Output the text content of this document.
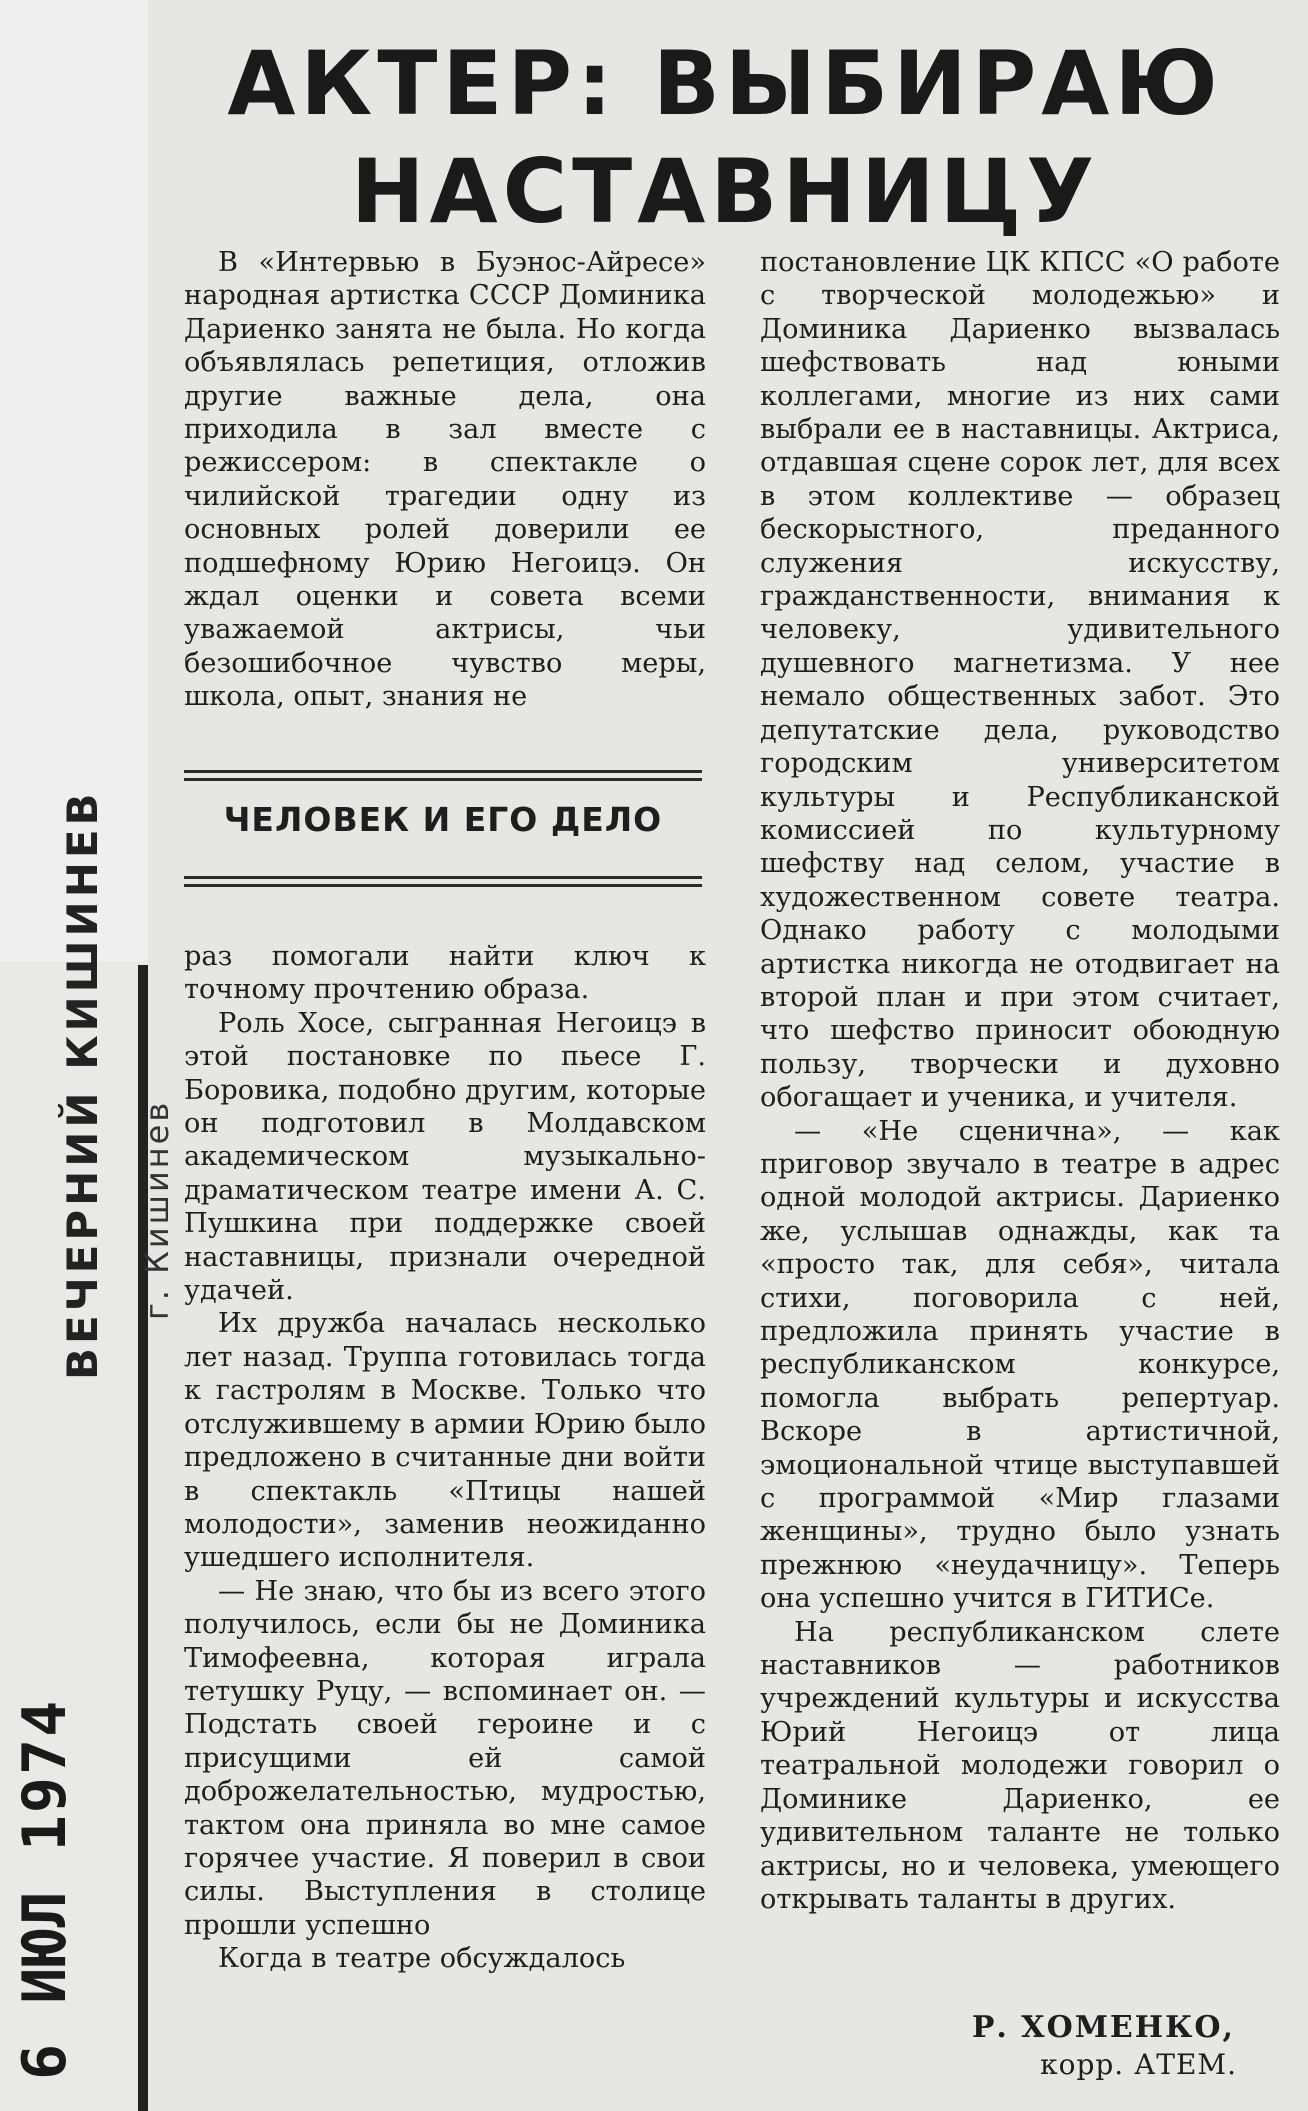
АКТЕР: ВЫБИРАЮ НАСТАВНИЦУ

В «Интервью в Буэнос-Айресе» народная артистка СССР Доминика Дариенко занята не была. Но когда объявлялась репетиция, отложив другие важные дела, она приходила в зал вместе с режиссером: в спектакле о чилийской трагедии одну из основных ролей доверили ее подшефному Юрию Негоицэ. Он ждал оценки и совета всеми уважаемой актрисы, чьи безошибочное чувство меры, школа, опыт, знания не

ЧЕЛОВЕК И ЕГО ДЕЛО

раз помогали найти ключ к точному прочтению образа.

Роль Хосе, сыгранная Негоицэ в этой постановке по пьесе Г. Боровика, подобно другим, которые он подготовил в Молдавском академическом музыкально-драматическом театре имени А. С. Пушкина при поддержке своей наставницы, признали очередной удачей.

Их дружба началась несколько лет назад. Труппа готовилась тогда к гастролям в Москве. Только что отслужившему в армии Юрию было предложено в считанные дни войти в спектакль «Птицы нашей молодости», заменив неожиданно ушедшего исполнителя.

— Не знаю, что бы из всего этого получилось, если бы не Доминика Тимофеевна, которая играла тетушку Руцу, — вспоминает он. — Подстать своей героине и с присущими ей самой доброжелательностью, мудростью, тактом она приняла во мне самое горячее участие. Я поверил в свои силы. Выступления в столице прошли успешно

Когда в театре обсуждалось

постановление ЦК КПСС «О работе с творческой молодежью» и Доминика Дариенко вызвалась шефствовать над юными коллегами, многие из них сами выбрали ее в наставницы. Актриса, отдавшая сцене сорок лет, для всех в этом коллективе — образец бескорыстного, преданного служения искусству, гражданственности, внимания к человеку, удивительного душевного магнетизма. У нее немало общественных забот. Это депутатские дела, руководство городским университетом культуры и Республиканской комиссией по культурному шефству над селом, участие в художественном совете театра. Однако работу с молодыми артистка никогда не отодвигает на второй план и при этом считает, что шефство приносит обоюдную пользу, творчески и духовно обогащает и ученика, и учителя.

— «Не сценична», — как приговор звучало в театре в адрес одной молодой актрисы. Дариенко же, услышав однажды, как та «просто так, для себя», читала стихи, поговорила с ней, предложила принять участие в республиканском конкурсе, помогла выбрать репертуар. Вскоре в артистичной, эмоциональной чтице выступавшей с программой «Мир глазами женщины», трудно было узнать прежнюю «неудачницу». Теперь она успешно учится в ГИТИСе.

На республиканском слете наставников — работников учреждений культуры и искусства Юрий Негоицэ от лица театральной молодежи говорил о Доминике Дариенко, ее удивительном таланте не только актрисы, но и человека, умеющего открывать таланты в других.

Р. ХОМЕНКО,
корр. АТЕМ.
ВЕЧЕРНИЙ КИШИНЕВ г. Кишинев
6 ИЮЛ 1974
